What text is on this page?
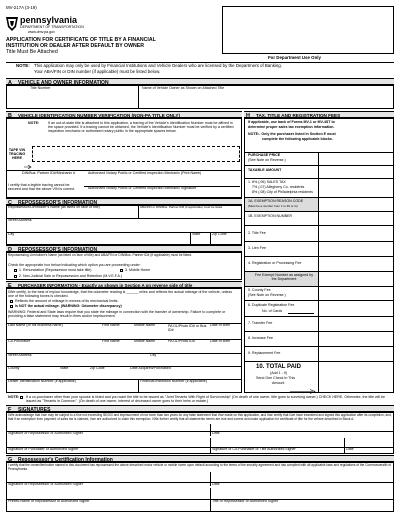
MV-217A (3-19)
pennsylvania
DEPARTMENT OF TRANSPORTATION
www.dmv.pa.gov
APPLICATION FOR CERTIFICATE OF TITLE BY A FINANCIAL
INSTITUTION OR DEALER AFTER DEFAULT BY OWNER
Title Must Be Attached
For Department Use Only
NOTE: This application may only be used by Financial Institutions and Vehicle Dealers who are licensed by the Department of Banking.
Your ABA/FIN or DIN number (if applicable) must be listed below.
A VEHICLE AND OWNER INFORMATION
Title Number	Name of Vehicle Owner as Shown on Attached Title
B VEHICLE IDENTIFICATION NUMBER VERIFICATION (NON-PA TITLE ONLY)
NOTE: If an out-of-state title is attached to this application, a tracing of the Vehicle's Identification Number must be affixed in the space provided. If a tracing cannot be obtained, the Vehicle's Identification Number must be verified by a certified inspection mechanic or authorized notary public in the appropriate spaces below.
TAPE VIN TRACING HERE
DIN/Bus. Partner ID#/Mechanic #	Authorized Notary Public or Certified Inspection Mechanic (Print Name)
I certify that a legible tracing cannot be secured and that the above VIN is correct.	Authorized Notary Public or Certified Inspection Mechanic Signature
H TAX, TITLE AND REGISTRATION FEES
If applicable, use back of Forms MV-1 or MV-4ST to
determine proper sales tax exemption information.
NOTE:- Only the purchaser listed in Section E must
complete the following applicable blocks.
PURCHASE PRICE
(See Note on Reverse.)
TAXABLE AMOUNT
1. 6% (.06) SALES TAX
7% (.07) Allegheny Co. residents
8% (.08) City of Philadelphia residents
1A. EXEMPTION REASON CODE
(Must be a number from 1 to 30 or G)
1B. EXEMPTION NUMBER
2. Title Fee
3. Lien Fee
4. Registration or Processing Fee
Fee Exempt Number as assigned by the Department
5. County Fee
(See Note on Reverse.)
6. Duplicate Registration Fee
No. of Cards
7. Transfer Fee
8. Increase Fee
9. Replacement Fee
10. TOTAL PAID
(Add 1 - 9)
Send One Check In This
Amount
C REPOSSESSOR'S INFORMATION
Repossessor/Lienholder's Name (as listed on face of title)	ABA/FIN or DIN/Bus. Partner ID# (if applicable) must be listed
Street Address
City	State	Zip Code
D REPOSSESSOR'S INFORMATION
Repossessing Lienholder's Name (as listed on face of title) and ABA/FIN or DIN/Bus. Partner ID# (if applicable) must be listed.
Check the appropriate box below indicating which option you are proceeding under:
1. Renunciation (Repossessor must take title)	3. Mobile Home
2. Non-Judicial Sale or Repossession and Retention (M.V.E.F.A.)
E PURCHASER INFORMATION - Exactly as shown in Section A on reverse side of title
I/We certify, to the best of my/our knowledge, that the odometer reading is ______ miles and reflects the actual mileage of the vehicle, unless one of the following boxes is checked.
Reflects the amount of mileage in excess of its mechanical limits.
is NOT the actual mileage. (WARNING: Odometer discrepancy)
WARNING: Federal and State laws require that you state the mileage in connection with the transfer of ownership. Failure to complete or providing a false statement may result in fines and/or imprisonment.
Last Name (or full business name)	First Name	Middle Name	PA DL/Photo ID# or Bus. ID#
Date of Birth
Co-Purchaser	First Name	Middle Name	PA DL/Photo ID#	Date of Birth
Street Address	City
County	State	Zip Code	Date Acquired/Purchased
Dealer Identification Number (if applicable)	Financial Institution Number (if applicable)
NOTE: If a co-purchaser other than your spouse is listed and you want the title to be issued as "Joint Tenants With Right of Survivorship" (On death of one owner, title goes to surviving owner.) CHECK HERE. Otherwise, the title will be issued as "Tenants in Common". (On death of one owner, interest of deceased owner goes to their heirs or estate.)
F SIGNATURES
I/We acknowledge that I/we may be subject to a fine not exceeding $5,000 and imprisonment of not more than two years for any false statement that I/we made on this application, and I/we certify that I/we have examined and signed this application after its completion; and, that if an exemption from payment of sales tax is claimed, I/we are authorized to claim this exemption. I/We further certify that all statements herein are true and correct and make application for certificate of title for the vehicle described in Block A.
Signature of Repossessor or Authorized Signer	Date
Signature of Purchaser or Authorized Signer	Signature of Co-Purchaser or Title Authorized Signer	Date
G Repossessor's Certification Information
I certify that the owner/lienholder named in this document has repossessed the above described motor vehicle or mobile home upon default according to the terms of the security agreement and has complied with all applicable laws and regulations of the Commonwealth of Pennsylvania.
Signature of Repossessor or Authorized Signer	Date
Printed Name of Repossessor or Authorized Signer	Title of Repossessor or Authorized Signer
